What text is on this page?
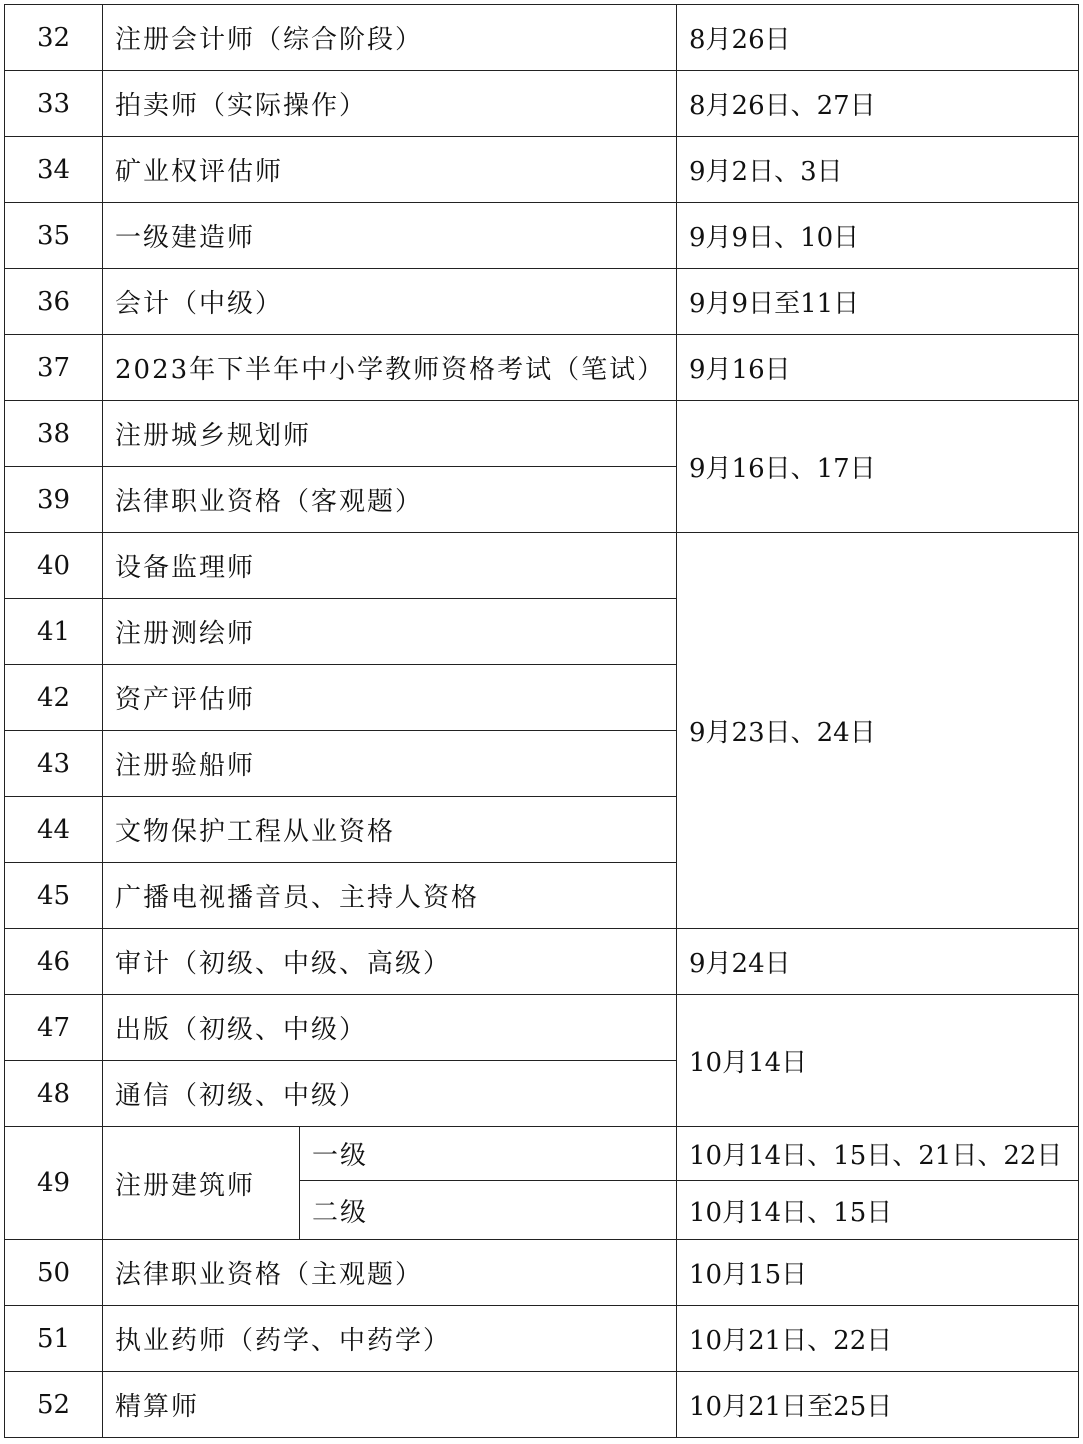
32	注册会计师（综合阶段）		8月26日
33	拍卖师（实际操作）		8月26日、27日
34	矿业权评估师		9月2日、3日
35	一级建造师		9月9日、10日
36	会计（中级）		9月9日至11日
37	2023年下半年中小学教师资格考试（笔试）		9月16日
38	注册城乡规划师		9月16日、17日
39	法律职业资格（客观题）		
40	设备监理师		9月23日、24日
41	注册测绘师		
42	资产评估师		
43	注册验船师		
44	文物保护工程从业资格		
45	广播电视播音员、主持人资格		
46	审计（初级、中级、高级）		9月24日
47	出版（初级、中级）		10月14日
48	通信（初级、中级）		
49	注册建筑师	一级	10月14日、15日、21日、22日
		二级	10月14日、15日
50	法律职业资格（主观题）		10月15日
51	执业药师（药学、中药学）		10月21日、22日
52	精算师		10月21日至25日
